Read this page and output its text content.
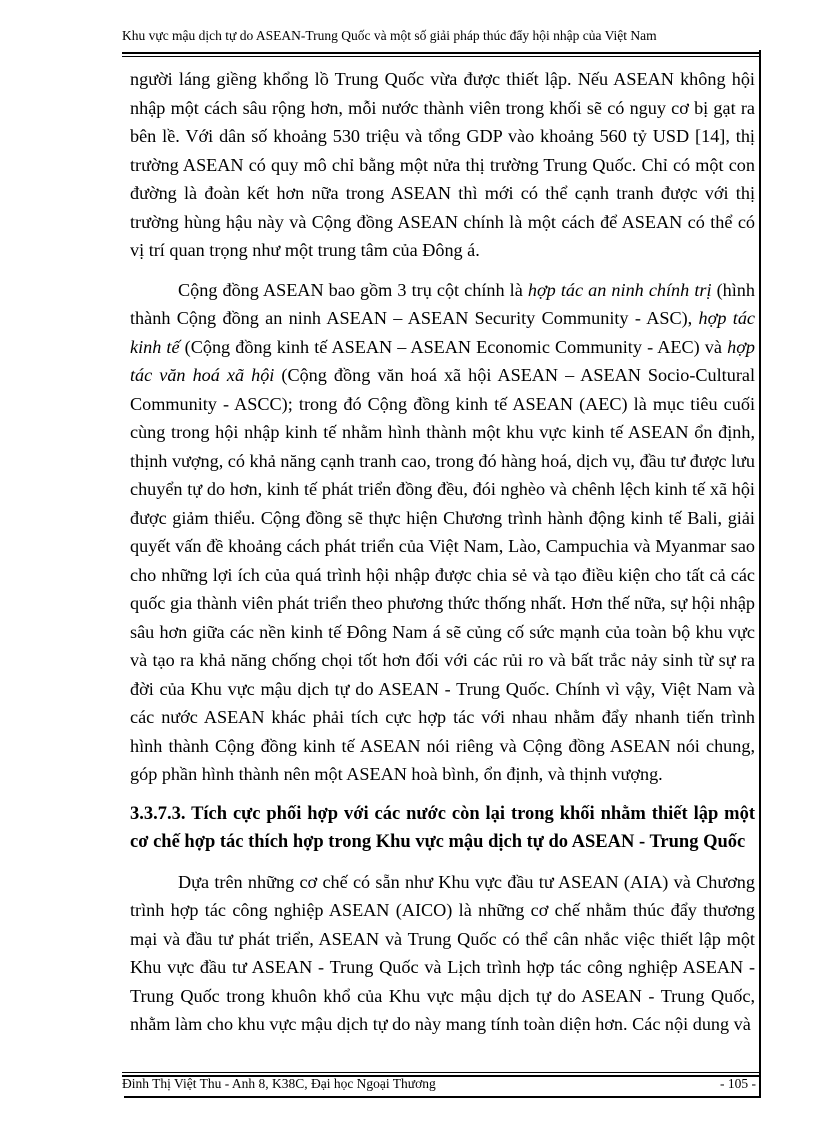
Khu vực mậu dịch tự do ASEAN-Trung Quốc và một số giải pháp thúc đẩy hội nhập của Việt Nam

người láng giềng khổng lồ Trung Quốc vừa được thiết lập. Nếu ASEAN không hội nhập một cách sâu rộng hơn, mỗi nước thành viên trong khối sẽ có nguy cơ bị gạt ra bên lề. Với dân số khoảng 530 triệu và tổng GDP vào khoảng 560 tỷ USD [14], thị trường ASEAN có quy mô chỉ bằng một nửa thị trường Trung Quốc. Chỉ có một con đường là đoàn kết hơn nữa trong ASEAN thì mới có thể cạnh tranh được với thị trường hùng hậu này và Cộng đồng ASEAN chính là một cách để ASEAN có thể có vị trí quan trọng như một trung tâm của Đông á.

Cộng đồng ASEAN bao gồm 3 trụ cột chính là hợp tác an ninh chính trị (hình thành Cộng đồng an ninh ASEAN – ASEAN Security Community - ASC), hợp tác kinh tế (Cộng đồng kinh tế ASEAN – ASEAN Economic Community - AEC) và hợp tác văn hoá xã hội (Cộng đồng văn hoá xã hội ASEAN – ASEAN Socio-Cultural Community - ASCC); trong đó Cộng đồng kinh tế ASEAN (AEC) là mục tiêu cuối cùng trong hội nhập kinh tế nhằm hình thành một khu vực kinh tế ASEAN ổn định, thịnh vượng, có khả năng cạnh tranh cao, trong đó hàng hoá, dịch vụ, đầu tư được lưu chuyển tự do hơn, kinh tế phát triển đồng đều, đói nghèo và chênh lệch kinh tế xã hội được giảm thiểu. Cộng đồng sẽ thực hiện Chương trình hành động kinh tế Bali, giải quyết vấn đề khoảng cách phát triển của Việt Nam, Lào, Campuchia và Myanmar sao cho những lợi ích của quá trình hội nhập được chia sẻ và tạo điều kiện cho tất cả các quốc gia thành viên phát triển theo phương thức thống nhất. Hơn thế nữa, sự hội nhập sâu hơn giữa các nền kinh tế Đông Nam á sẽ củng cố sức mạnh của toàn bộ khu vực và tạo ra khả năng chống chọi tốt hơn đối với các rủi ro và bất trắc nảy sinh từ sự ra đời của Khu vực mậu dịch tự do ASEAN - Trung Quốc. Chính vì vậy, Việt Nam và các nước ASEAN khác phải tích cực hợp tác với nhau nhằm đẩy nhanh tiến trình hình thành Cộng đồng kinh tế ASEAN nói riêng và Cộng đồng ASEAN nói chung, góp phần hình thành nên một ASEAN hoà bình, ổn định, và thịnh vượng.

3.3.7.3. Tích cực phối hợp với các nước còn lại trong khối nhằm thiết lập một cơ chế hợp tác thích hợp trong Khu vực mậu dịch tự do ASEAN - Trung Quốc

Dựa trên những cơ chế có sẵn như Khu vực đầu tư ASEAN (AIA) và Chương trình hợp tác công nghiệp ASEAN (AICO) là những cơ chế nhằm thúc đẩy thương mại và đầu tư phát triển, ASEAN và Trung Quốc có thể cân nhắc việc thiết lập một Khu vực đầu tư ASEAN - Trung Quốc và Lịch trình hợp tác công nghiệp ASEAN - Trung Quốc trong khuôn khổ của Khu vực mậu dịch tự do ASEAN - Trung Quốc, nhằm làm cho khu vực mậu dịch tự do này mang tính toàn diện hơn. Các nội dung và

Đinh Thị Việt Thu - Anh 8, K38C, Đại học Ngoại Thương	- 105 -
